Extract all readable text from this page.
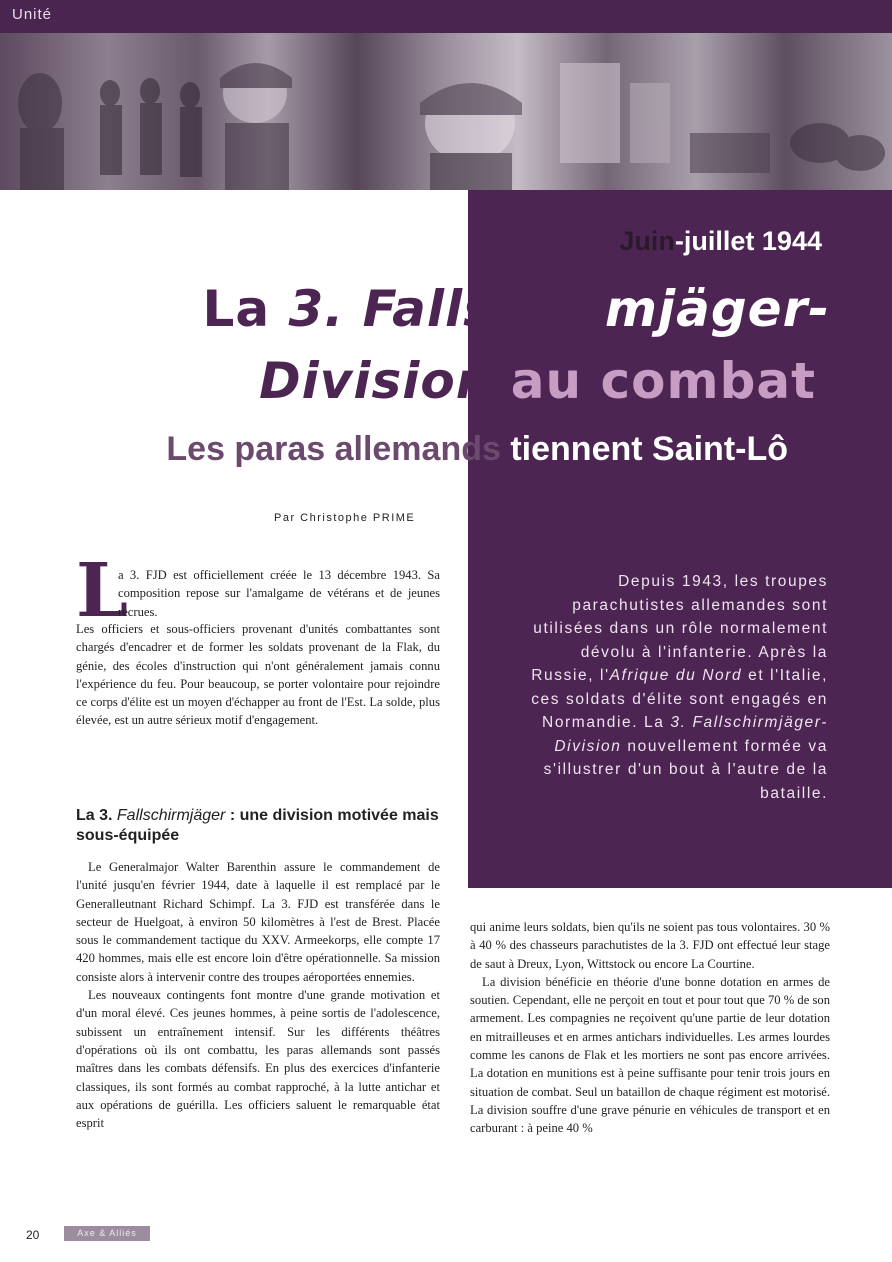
Unité
Juin-juillet 1944
La 3. Fallschirmjäger-
Division au combat
Les paras allemands tiennent Saint-Lô
Par Christophe PRIME
Depuis 1943, les troupes parachutistes allemandes sont utilisées dans un rôle normalement dévolu à l'infanterie. Après la Russie, l'Afrique du Nord et l'Italie, ces soldats d'élite sont engagés en Normandie. La 3. Fallschirmjäger-Division nouvellement formée va s'illustrer d'un bout à l'autre de la bataille.
L
a 3. FJD est officiellement créée le 13 décembre 1943. Sa composition repose sur l'amalgame de vétérans et de jeunes recrues.
Les officiers et sous-officiers provenant d'unités combattantes sont chargés d'encadrer et de former les soldats provenant de la Flak, du génie, des écoles d'instruction qui n'ont généralement jamais connu l'expérience du feu. Pour beaucoup, se porter volontaire pour rejoindre ce corps d'élite est un moyen d'échapper au front de l'Est. La solde, plus élevée, est un autre sérieux motif d'engagement.
La 3. Fallschirmjäger : une division motivée mais sous-équipée

Le Generalmajor Walter Barenthin assure le commandement de l'unité jusqu'en février 1944, date à laquelle il est remplacé par le Generalleutnant Richard Schimpf. La 3. FJD est transférée dans le secteur de Huelgoat, à environ 50 kilomètres à l'est de Brest. Placée sous le commandement tactique du XXV. Armeekorps, elle compte 17 420 hommes, mais elle est encore loin d'être opérationnelle. Sa mission consiste alors à intervenir contre des troupes aéroportées ennemies.

Les nouveaux contingents font montre d'une grande motivation et d'un moral élevé. Ces jeunes hommes, à peine sortis de l'adolescence, subissent un entraînement intensif. Sur les différents théâtres d'opérations où ils ont combattu, les paras allemands sont passés maîtres dans les combats défensifs. En plus des exercices d'infanterie classiques, ils sont formés au combat rapproché, à la lutte antichar et aux opérations de guérilla. Les officiers saluent le remarquable état esprit

qui anime leurs soldats, bien qu'ils ne soient pas tous volontaires. 30 % à 40 % des chasseurs parachutistes de la 3. FJD ont effectué leur stage de saut à Dreux, Lyon, Wittstock ou encore La Courtine.

La division bénéficie en théorie d'une bonne dotation en armes de soutien. Cependant, elle ne perçoit en tout et pour tout que 70 % de son armement. Les compagnies ne reçoivent qu'une partie de leur dotation en mitrailleuses et en armes antichars individuelles. Les armes lourdes comme les canons de Flak et les mortiers ne sont pas encore arrivées. La dotation en munitions est à peine suffisante pour tenir trois jours en situation de combat. Seul un bataillon de chaque régiment est motorisé. La division souffre d'une grave pénurie en véhicules de transport et en carburant : à peine 40 %

20	Axe & Alliés
